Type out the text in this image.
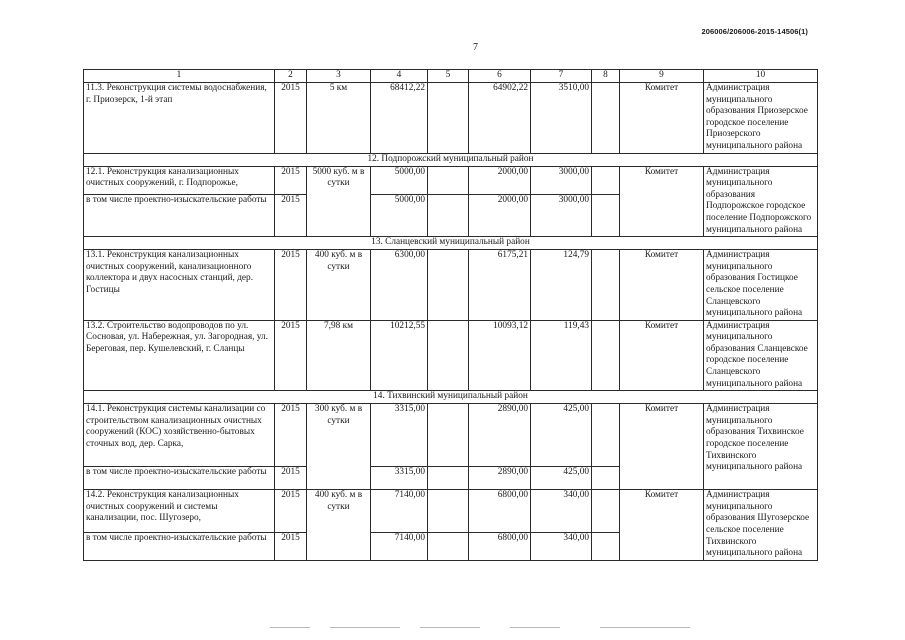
206006/206006-2015-14506(1)
7
1	2	3	4	5	6	7	8	9	10
11.3. Реконструкция системы водоснабжения, г. Приозерск, 1-й этап	2015	5 км	68412,22		64902,22	3510,00		Комитет	Администрация муниципального образования Приозерское городское поселение Приозерского муниципального района
12. Подпорожский муниципальный район									
12.1. Реконструкция канализационных очистных сооружений, г. Подпорожье,	2015	5000 куб. м в сутки	5000,00		2000,00	3000,00		Комитет	Администрация муниципального образования Подпорожское городское поселение Подпорожского муниципального района
в том числе проектно-изыскательские работы	2015		5000,00		2000,00	3000,00			
13. Сланцевский муниципальный район									
13.1. Реконструкция канализационных очистных сооружений, канализационного коллектора и двух насосных станций, дер. Гостицы	2015	400 куб. м в сутки	6300,00		6175,21	124,79		Комитет	Администрация муниципального образования Гостицкое сельское поселение Сланцевского муниципального района
13.2. Строительство водопроводов по ул. Сосновая, ул. Набережная, ул. Загородная, ул. Береговая, пер. Кушелевский, г. Сланцы	2015	7,98 км	10212,55		10093,12	119,43		Комитет	Администрация муниципального образования Сланцевское городское поселение Сланцевского муниципального района
14. Тихвинский муниципальный район									
14.1. Реконструкция системы канализации со строительством канализационных очистных сооружений (КОС) хозяйственно-бытовых сточных вод, дер. Сарка,	2015	300 куб. м в сутки	3315,00		2890,00	425,00		Комитет	Администрация муниципального образования Тихвинское городское поселение Тихвинского муниципального района
в том числе проектно-изыскательские работы	2015		3315,00		2890,00	425,00			
14.2. Реконструкция канализационных очистных сооружений и системы канализации, пос. Шугозеро,	2015	400 куб. м в сутки	7140,00		6800,00	340,00		Комитет	Администрация муниципального образования Шугозерское сельское поселение Тихвинского муниципального района
в том числе проектно-изыскательские работы	2015		7140,00		6800,00	340,00			
